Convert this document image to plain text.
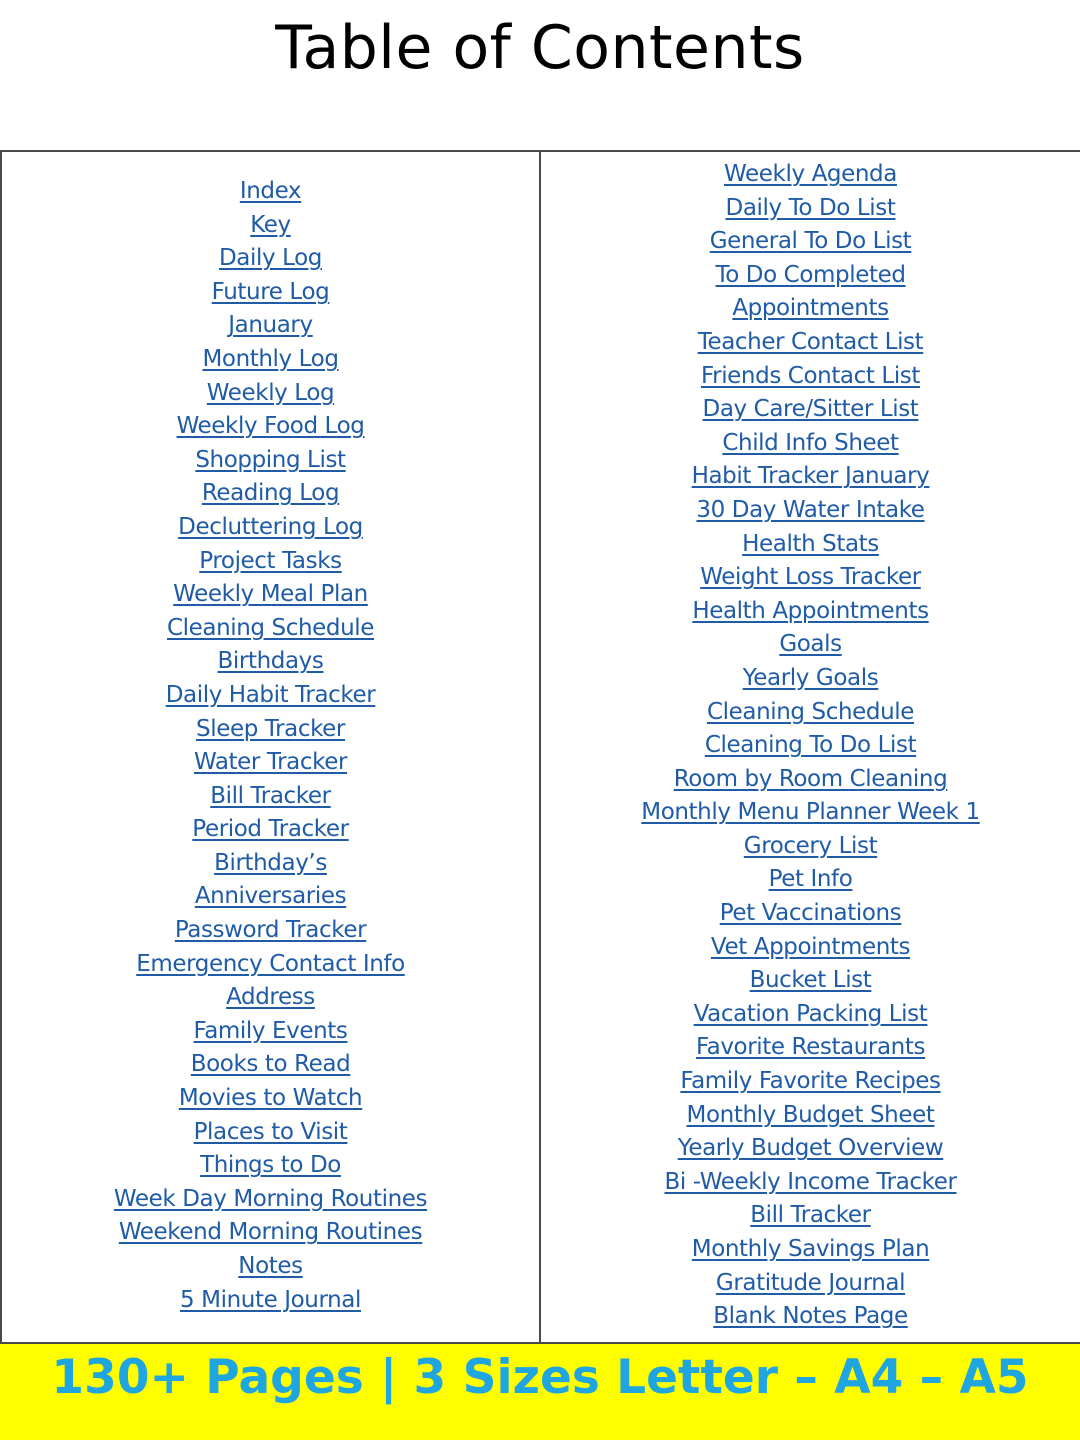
Table of Contents
Index
Key
Daily Log
Future Log
January
Monthly Log
Weekly Log
Weekly Food Log
Shopping List
Reading Log
Decluttering Log
Project Tasks
Weekly Meal Plan
Cleaning Schedule
Birthdays
Daily Habit Tracker
Sleep Tracker
Water Tracker
Bill Tracker
Period Tracker
Birthday’s
Anniversaries
Password Tracker
Emergency Contact Info
Address
Family Events
Books to Read
Movies to Watch
Places to Visit
Things to Do
Week Day Morning Routines
Weekend Morning Routines
Notes
5 Minute Journal
Weekly Agenda
Daily To Do List
General To Do List
To Do Completed
Appointments
Teacher Contact List
Friends Contact List
Day Care/Sitter List
Child Info Sheet
Habit Tracker January
30 Day Water Intake
Health Stats
Weight Loss Tracker
Health Appointments
Goals
Yearly Goals
Cleaning Schedule
Cleaning To Do List
Room by Room Cleaning
Monthly Menu Planner Week 1
Grocery List
Pet Info
Pet Vaccinations
Vet Appointments
Bucket List
Vacation Packing List
Favorite Restaurants
Family Favorite Recipes
Monthly Budget Sheet
Yearly Budget Overview
Bi -Weekly Income Tracker
Bill Tracker
Monthly Savings Plan
Gratitude Journal
Blank Notes Page
130+ Pages | 3 Sizes Letter – A4 – A5
